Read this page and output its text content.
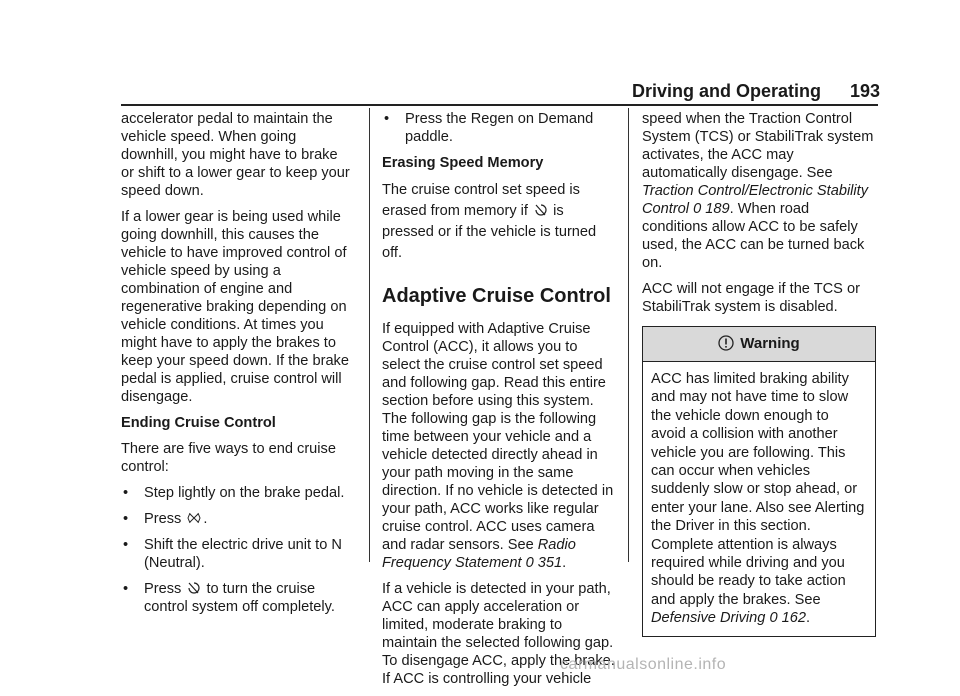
Driving and Operating 193

accelerator pedal to maintain the vehicle speed. When going downhill, you might have to brake or shift to a lower gear to keep your speed down.

If a lower gear is being used while going downhill, this causes the vehicle to have improved control of vehicle speed by using a combination of engine and regenerative braking depending on vehicle conditions. At times you might have to apply the brakes to keep your speed down. If the brake pedal is applied, cruise control will disengage.

Ending Cruise Control

There are five ways to end cruise control:

•	Step lightly on the brake pedal.
•	Press .
•	Shift the electric drive unit to N (Neutral).
•	Press to turn the cruise control system off completely.
•	Press the Regen on Demand paddle.
Erasing Speed Memory

The cruise control set speed is erased from memory if is pressed or if the vehicle is turned off.

Adaptive Cruise Control

If equipped with Adaptive Cruise Control (ACC), it allows you to select the cruise control set speed and following gap. Read this entire section before using this system. The following gap is the following time between your vehicle and a vehicle detected directly ahead in your path moving in the same direction. If no vehicle is detected in your path, ACC works like regular cruise control. ACC uses camera and radar sensors. See Radio Frequency Statement 0 351.

If a vehicle is detected in your path, ACC can apply acceleration or limited, moderate braking to maintain the selected following gap. To disengage ACC, apply the brake. If ACC is controlling your vehicle

speed when the Traction Control System (TCS) or StabiliTrak system activates, the ACC may automatically disengage. See Traction Control/Electronic Stability Control 0 189. When road conditions allow ACC to be safely used, the ACC can be turned back on.

ACC will not engage if the TCS or StabiliTrak system is disabled.

Warning
ACC has limited braking ability and may not have time to slow the vehicle down enough to avoid a collision with another vehicle you are following. This can occur when vehicles suddenly slow or stop ahead, or enter your lane. Also see Alerting the Driver in this section. Complete attention is always required while driving and you should be ready to take action and apply the brakes. See Defensive Driving 0 162.
carmanualsonline.info
